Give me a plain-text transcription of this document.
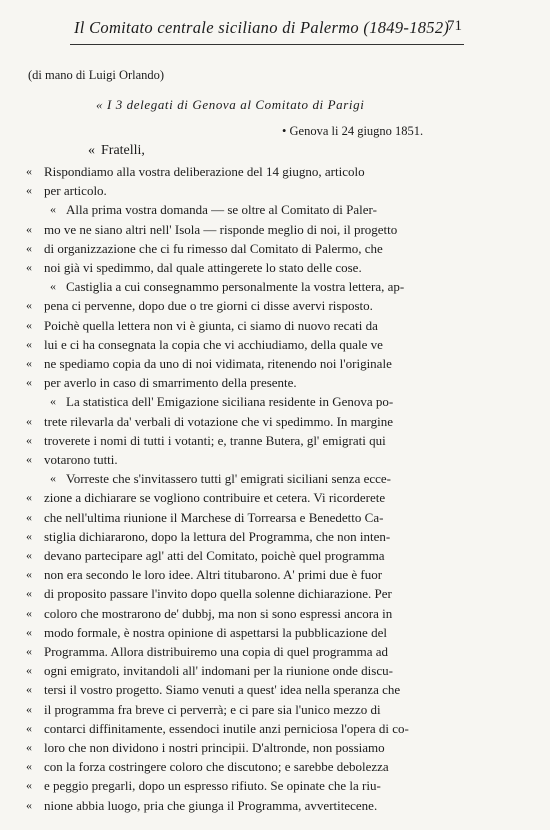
Il Comitato centrale siciliano di Palermo (1849-1852)
71
(di mano di Luigi Orlando)
« I 3 delegati di Genova al Comitato di Parigi
• Genova li 24 giugno 1851.
« Fratelli,
« Rispondiamo alla vostra deliberazione del 14 giugno, articolo
« per articolo.
« Alla prima vostra domanda — se oltre al Comitato di Paler-
« mo ve ne siano altri nell' Isola — risponde meglio di noi, il progetto
« di organizzazione che ci fu rimesso dal Comitato di Palermo, che
« noi già vi spedimmo, dal quale attingerete lo stato delle cose.
« Castiglia a cui consegnammo personalmente la vostra lettera, ap-
« pena ci pervenne, dopo due o tre giorni ci disse avervi risposto.
« Poichè quella lettera non vi è giunta, ci siamo di nuovo recati da
« lui e ci ha consegnata la copia che vi acchiudiamo, della quale ve
« ne spediamo copia da uno di noi vidimata, ritenendo noi l'originale
« per averlo in caso di smarrimento della presente.
« La statistica dell' Emigazione siciliana residente in Genova po-
« trete rilevarla da' verbali di votazione che vi spedimmo. In margine
« troverete i nomi di tutti i votanti; e, tranne Butera, gl' emigrati qui
« votarono tutti.
« Vorreste che s'invitassero tutti gl' emigrati siciliani senza ecce-
« zione a dichiarare se vogliono contribuire et cetera. Vi ricorderete
« che nell'ultima riunione il Marchese di Torrearsa e Benedetto Ca-
« stiglia dichiararono, dopo la lettura del Programma, che non inten-
« devano partecipare agl' atti del Comitato, poichè quel programma
« non era secondo le loro idee. Altri titubarono. A' primi due è fuor
« di proposito passare l'invito dopo quella solenne dichiarazione. Per
« coloro che mostrarono de' dubbj, ma non si sono espressi ancora in
« modo formale, è nostra opinione di aspettarsi la pubblicazione del
« Programma. Allora distribuiremo una copia di quel programma ad
« ogni emigrato, invitandoli all' indomani per la riunione onde discu-
« tersi il vostro progetto. Siamo venuti a quest' idea nella speranza che
« il programma fra breve ci perverrà; e ci pare sia l'unico mezzo di
« contarci diffinitamente, essendoci inutile anzi perniciosa l'opera di co-
« loro che non dividono i nostri principii. D'altronde, non possiamo
« con la forza costringere coloro che discutono; e sarebbe debolezza
« e peggio pregarli, dopo un espresso rifiuto. Se opinate che la riu-
« nione abbia luogo, pria che giunga il Programma, avvertitecene.
